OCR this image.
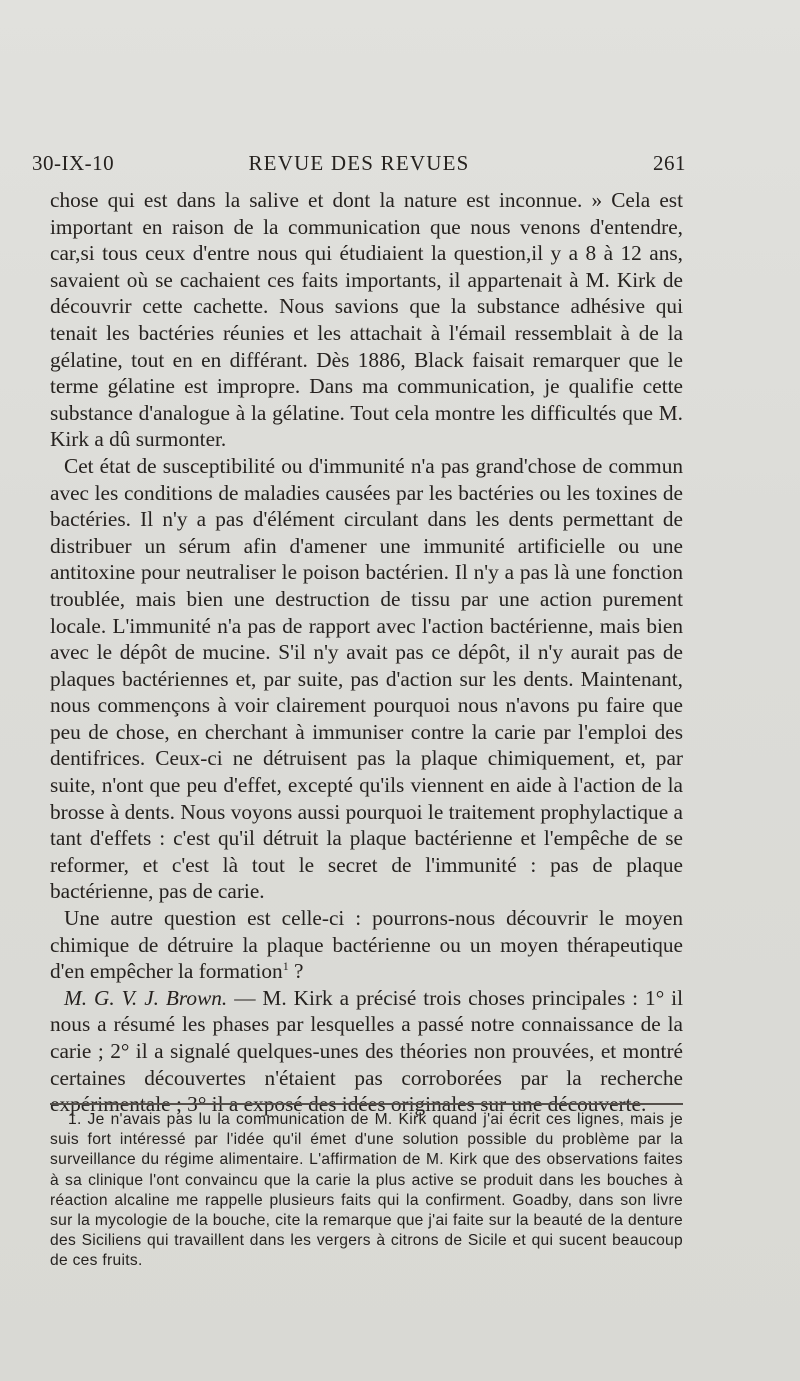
30-IX-10	REVUE DES REVUES	261

chose qui est dans la salive et dont la nature est inconnue. » Cela est important en raison de la communication que nous venons d'entendre, car,si tous ceux d'entre nous qui étudiaient la question,il y a 8 à 12 ans, savaient où se cachaient ces faits importants, il appartenait à M. Kirk de découvrir cette cachette. Nous savions que la substance adhésive qui tenait les bactéries réunies et les attachait à l'émail ressemblait à de la gélatine, tout en en différant. Dès 1886, Black faisait remarquer que le terme gélatine est impropre. Dans ma communication, je qualifie cette substance d'analogue à la gélatine. Tout cela montre les difficultés que M. Kirk a dû surmonter.

Cet état de susceptibilité ou d'immunité n'a pas grand'chose de commun avec les conditions de maladies causées par les bactéries ou les toxines de bactéries. Il n'y a pas d'élément circulant dans les dents permettant de distribuer un sérum afin d'amener une immunité artificielle ou une antitoxine pour neutraliser le poison bactérien. Il n'y a pas là une fonction troublée, mais bien une destruction de tissu par une action purement locale. L'immunité n'a pas de rapport avec l'action bactérienne, mais bien avec le dépôt de mucine. S'il n'y avait pas ce dépôt, il n'y aurait pas de plaques bactériennes et, par suite, pas d'action sur les dents. Maintenant, nous commençons à voir clairement pourquoi nous n'avons pu faire que peu de chose, en cherchant à immuniser contre la carie par l'emploi des dentifrices. Ceux-ci ne détruisent pas la plaque chimiquement, et, par suite, n'ont que peu d'effet, excepté qu'ils viennent en aide à l'action de la brosse à dents. Nous voyons aussi pourquoi le traitement prophylactique a tant d'effets : c'est qu'il détruit la plaque bactérienne et l'empêche de se reformer, et c'est là tout le secret de l'immunité : pas de plaque bactérienne, pas de carie.

Une autre question est celle-ci : pourrons-nous découvrir le moyen chimique de détruire la plaque bactérienne ou un moyen thérapeutique d'en empêcher la formation$^1$ ?

M. G. V. J. Brown. — M. Kirk a précisé trois choses principales : 1° il nous a résumé les phases par lesquelles a passé notre connaissance de la carie ; 2° il a signalé quelques-unes des théories non prouvées, et montré certaines découvertes n'étaient pas corroborées par la recherche expérimentale ; 3° il a exposé des idées originales sur une découverte.

1. Je n'avais pas lu la communication de M. Kirk quand j'ai écrit ces lignes, mais je suis fort intéressé par l'idée qu'il émet d'une solution possible du problème par la surveillance du régime alimentaire. L'affirmation de M. Kirk que des observations faites à sa clinique l'ont convaincu que la carie la plus active se produit dans les bouches à réaction alcaline me rappelle plusieurs faits qui la confirment. Goadby, dans son livre sur la mycologie de la bouche, cite la remarque que j'ai faite sur la beauté de la denture des Siciliens qui travaillent dans les vergers à citrons de Sicile et qui sucent beaucoup de ces fruits.
